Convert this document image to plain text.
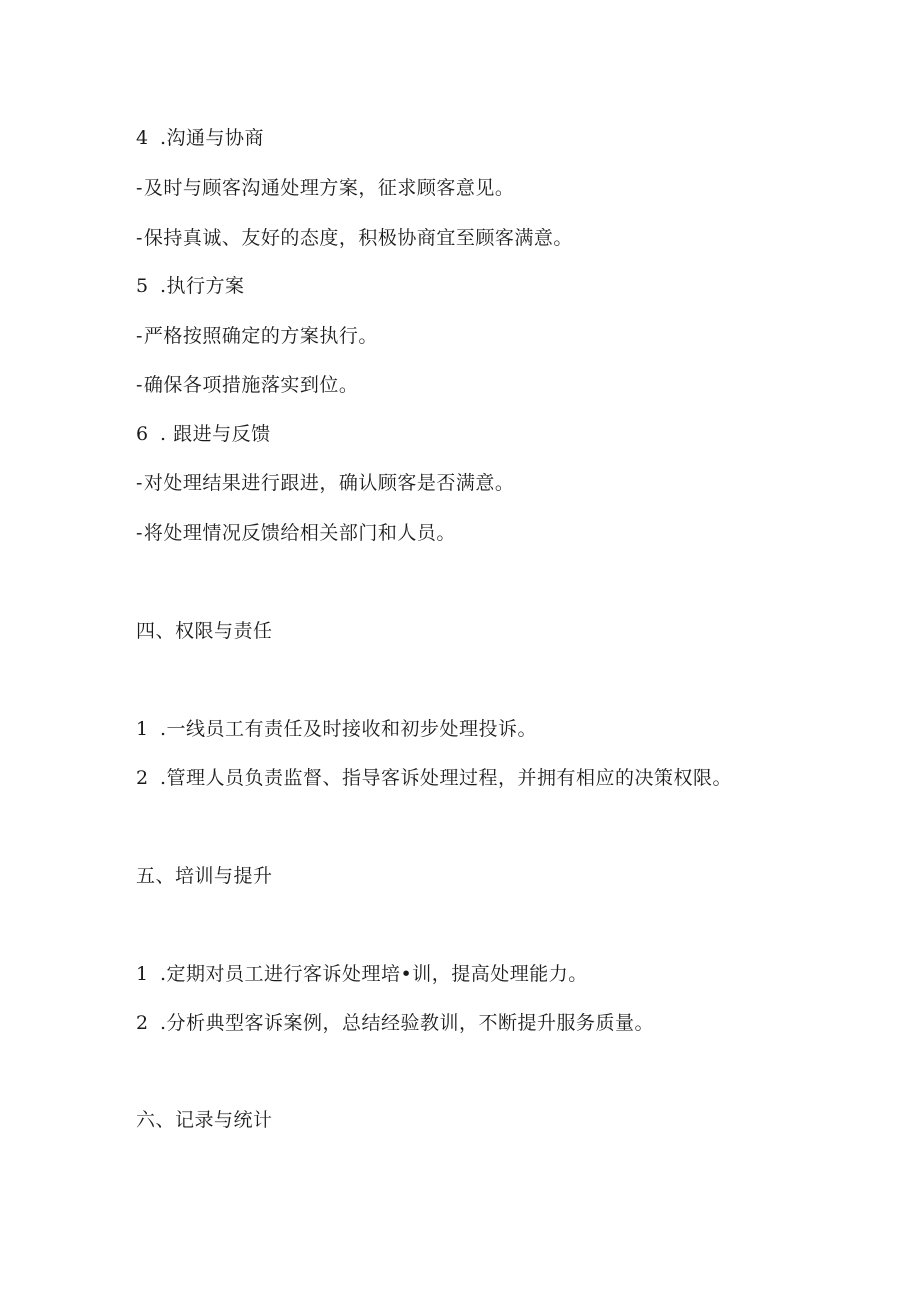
4 .沟通与协商
-及时与顾客沟通处理方案，征求顾客意见。
-保持真诚、友好的态度，积极协商宜至顾客满意。
5 .执行方案
-严格按照确定的方案执行。
-确保各项措施落实到位。
6 . 跟进与反馈
-对处理结果进行跟进，确认顾客是否满意。
-将处理情况反馈给相关部门和人员。
四、权限与责任
1 .一线员工有责任及时接收和初步处理投诉。
2 .管理人员负责监督、指导客诉处理过程，并拥有相应的决策权限。
五、培训与提升
1 .定期对员工进行客诉处理培•训，提高处理能力。
2 .分析典型客诉案例，总结经验教训，不断提升服务质量。
六、记录与统计
